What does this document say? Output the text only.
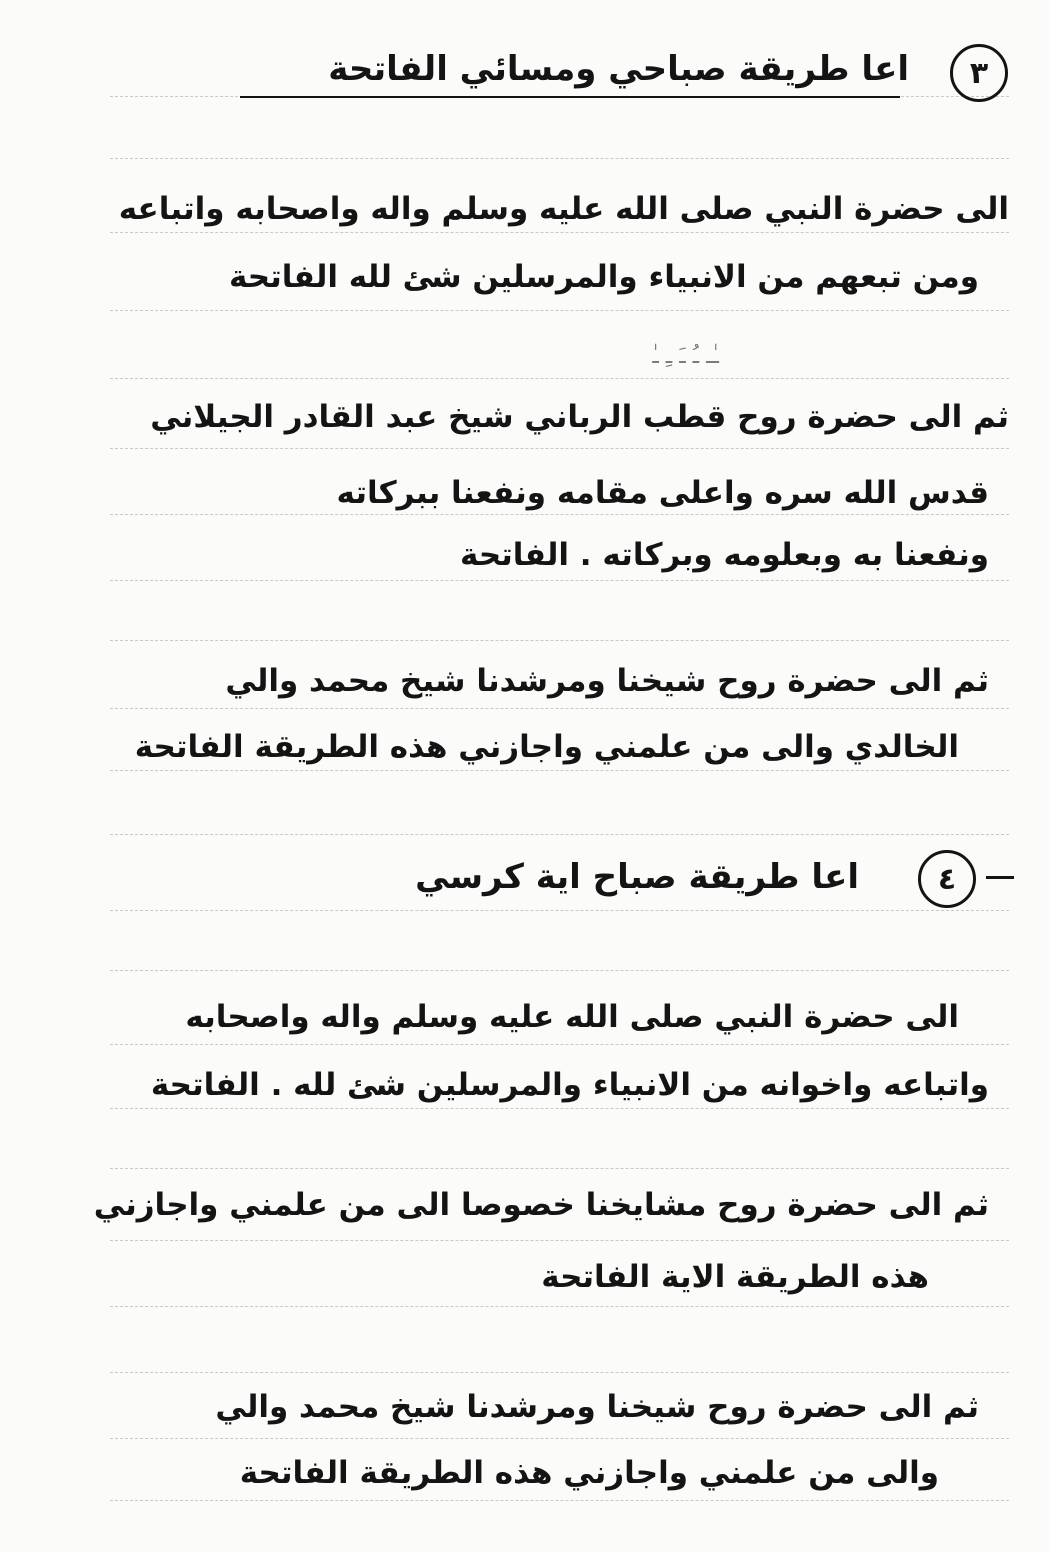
٣
اعا طريقة صباحي ومسائي الفاتحة
الى حضرة النبي صلى الله عليه وسلم واله واصحابه واتباعه
ومن تبعهم من الانبياء والمرسلين شئ لله الفاتحة
ـٰـ ـُ ـَ ـِ ـٰ
ثم الى حضرة روح قطب الرباني شيخ عبد القادر الجيلاني
قدس الله سره واعلى مقامه ونفعنا ببركاته
ونفعنا به وبعلومه وبركاته . الفاتحة
ثم الى حضرة روح شيخنا ومرشدنا شيخ محمد والي
الخالدي والى من علمني واجازني هذه الطريقة الفاتحة
٤
اعا طريقة صباح اية كرسي
الى حضرة النبي صلى الله عليه وسلم واله واصحابه
واتباعه واخوانه من الانبياء والمرسلين شئ لله . الفاتحة
ثم الى حضرة روح مشايخنا خصوصا الى من علمني واجازني
هذه الطريقة الاية الفاتحة
ثم الى حضرة روح شيخنا ومرشدنا شيخ محمد والي
والى من علمني واجازني هذه الطريقة الفاتحة
